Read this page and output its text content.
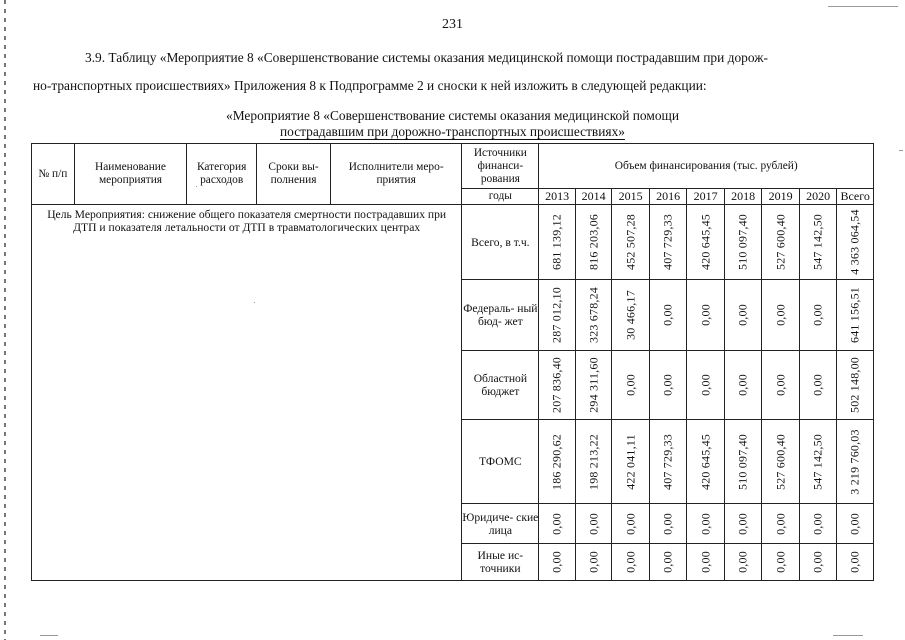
231
3.9. Таблицу «Мероприятие 8 «Совершенствование системы оказания медицинской помощи пострадавшим при дорож-
но-транспортных происшествиях» Приложения 8 к Подпрограмме 2 и сноски к ней изложить в следующей редакции:
«Мероприятие 8 «Совершенствование системы оказания медицинской помощи
пострадавшим при дорожно-транспортных происшествиях»
№ п/п	Наименование мероприятия	Категория расходов	Сроки вы- полнения	Исполнители меро- приятия	Источники финанси- рования	Объем финансирования (тыс. рублей)								
					годы	2013	2014	2015	2016	2017	2018	2019	2020	Всего
Цель Мероприятия: снижение общего показателя смертности пострадавших при ДТП и показателя летальности от ДТП в травматологических центрах					Всего, в т.ч.	681 139,12	816 203,06	452 507,28	407 729,33	420 645,45	510 097,40	527 600,40	547 142,50	4 363 064,54

					Федераль- ный бюд- жет	287 012,10	323 678,24	30 466,17	0,00	0,00	0,00	0,00	0,00	641 156,51

					Областной бюджет	207 836,40	294 311,60	0,00	0,00	0,00	0,00	0,00	0,00	502 148,00

					ТФОМС	186 290,62	198 213,22	422 041,11	407 729,33	420 645,45	510 097,40	527 600,40	547 142,50	3 219 760,03

					Юридиче- ские лица	0,00	0,00	0,00	0,00	0,00	0,00	0,00	0,00	0,00

					Иные ис- точники	0,00	0,00	0,00	0,00	0,00	0,00	0,00	0,00	0,00
